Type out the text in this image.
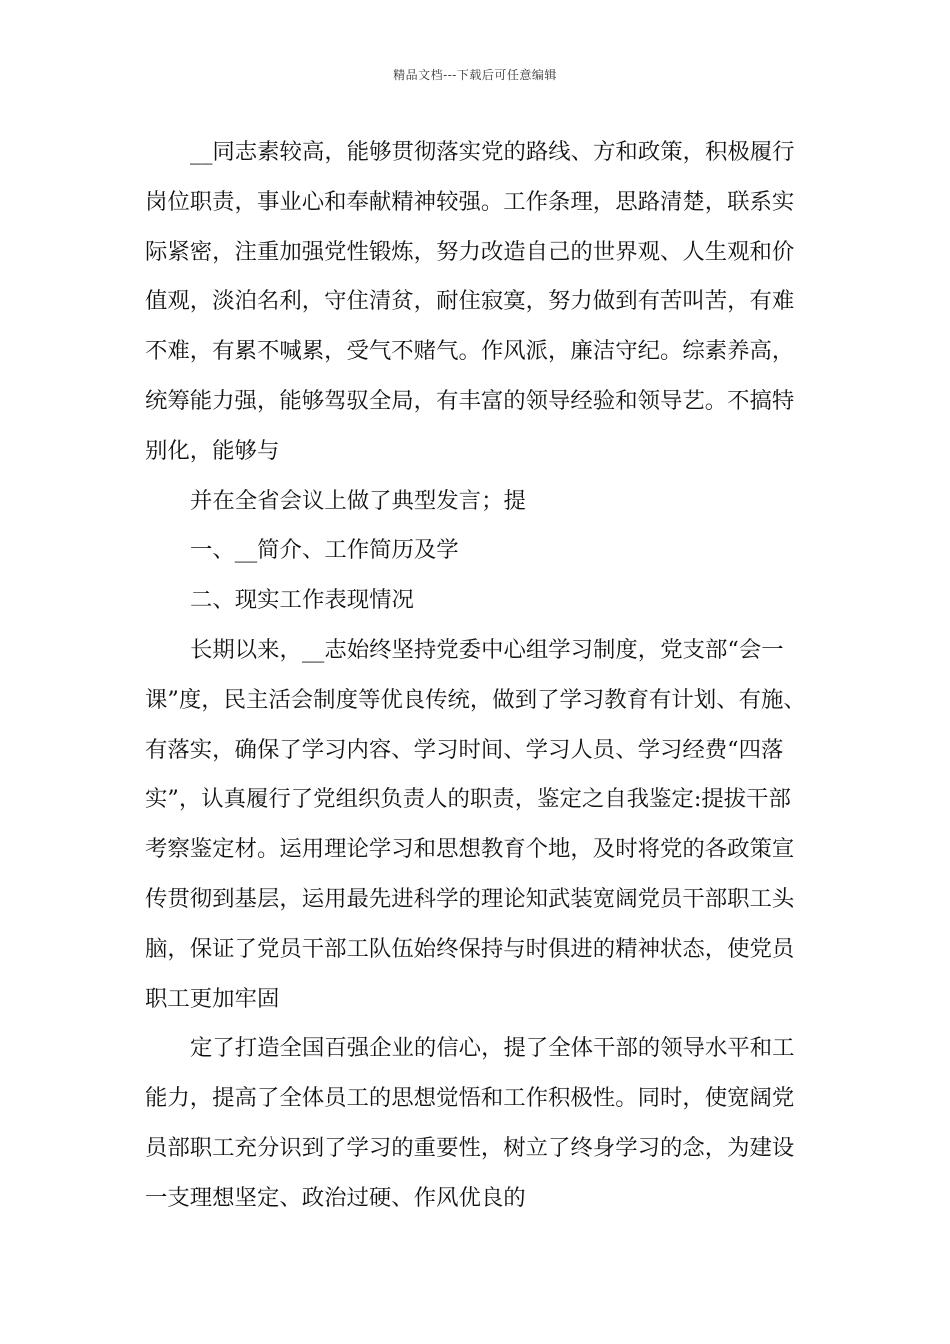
精品文档---下载后可任意编辑
__同志素较高，能够贯彻落实党的路线、方和政策，积极履行
岗位职责，事业心和奉献精神较强。工作条理，思路清楚，联系实
际紧密，注重加强党性锻炼，努力改造自己的世界观、人生观和价
值观，淡泊名利，守住清贫，耐住寂寞，努力做到有苦叫苦，有难
不难，有累不喊累，受气不赌气。作风派，廉洁守纪。综素养高，
统筹能力强，能够驾驭全局，有丰富的领导经验和领导艺。不搞特
别化，能够与
并在全省会议上做了典型发言；提
一、__简介、工作简历及学
二、现实工作表现情况
长期以来，__志始终坚持党委中心组学习制度，党支部“会一
课”度，民主活会制度等优良传统，做到了学习教育有计划、有施、
有落实，确保了学习内容、学习时间、学习人员、学习经费“四落
实”，认真履行了党组织负责人的职责，鉴定之自我鉴定:提拔干部
考察鉴定材。运用理论学习和思想教育个地，及时将党的各政策宣
传贯彻到基层，运用最先进科学的理论知武装宽阔党员干部职工头
脑，保证了党员干部工队伍始终保持与时俱进的精神状态，使党员
职工更加牢固
定了打造全国百强企业的信心，提了全体干部的领导水平和工
能力，提高了全体员工的思想觉悟和工作积极性。同时，使宽阔党
员部职工充分识到了学习的重要性，树立了终身学习的念，为建设
一支理想坚定、政治过硬、作风优良的
